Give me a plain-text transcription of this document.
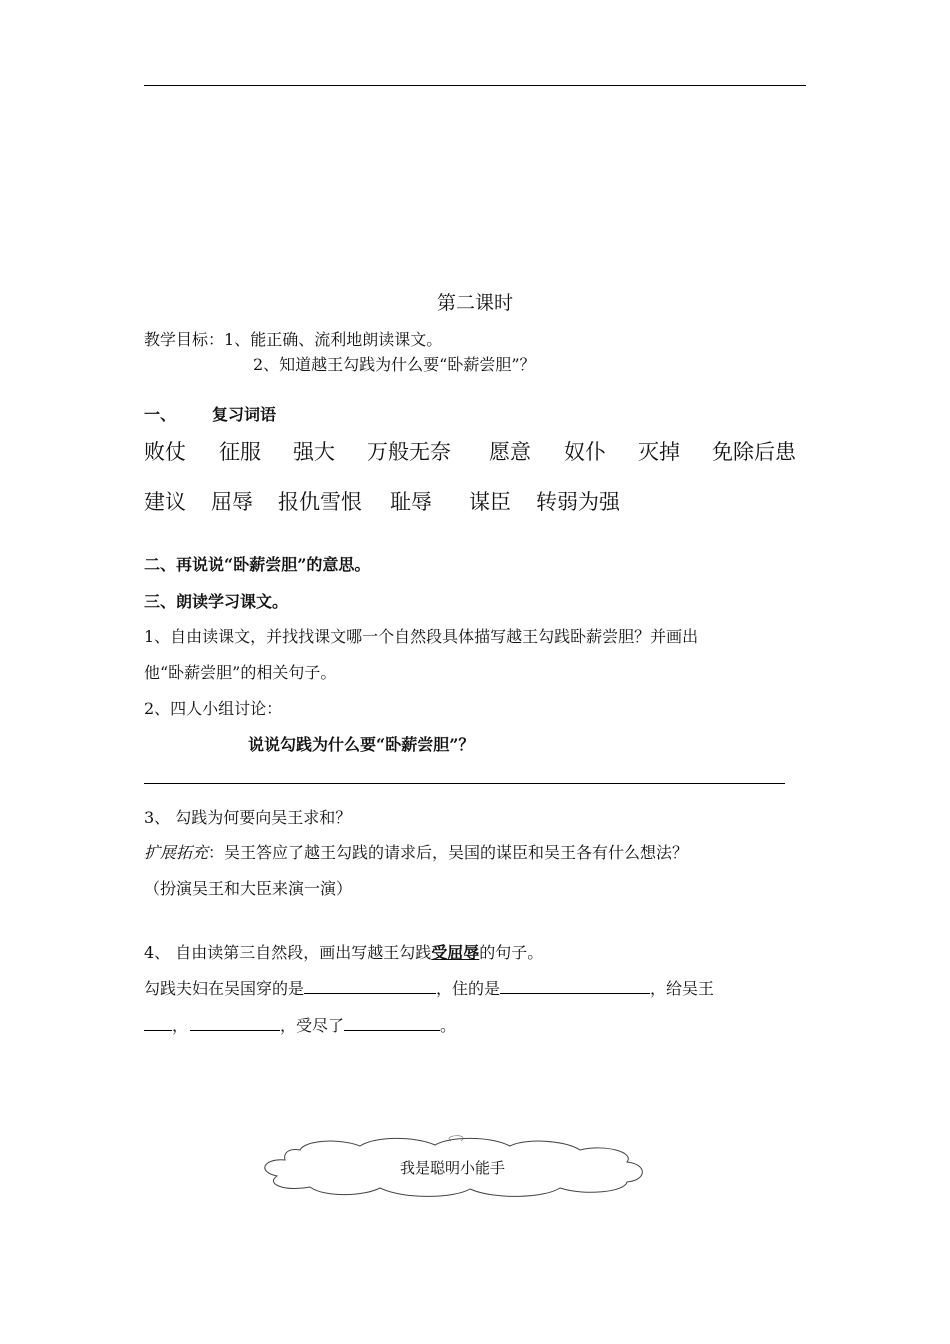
第二课时
教学目标：1、能正确、流利地朗读课文。
2、知道越王勾践为什么要“卧薪尝胆”？
一、 复习词语
败仗 征服 强大 万般无奈 愿意 奴仆 灭掉 免除后患
建议 屈辱 报仇雪恨 耻辱 谋臣 转弱为强
二、再说说“卧薪尝胆”的意思。
三、朗读学习课文。
1、自由读课文，并找找课文哪一个自然段具体描写越王勾践卧薪尝胆？并画出
他“卧薪尝胆”的相关句子。
2、四人小组讨论：
说说勾践为什么要“卧薪尝胆”？
3、 勾践为何要向吴王求和？
扩展拓充：吴王答应了越王勾践的请求后，吴国的谋臣和吴王各有什么想法？
（扮演吴王和大臣来演一演）
4、 自由读第三自然段，画出写越王勾践受屈辱的句子。
勾践夫妇在吴国穿的是	，住的是	，给吴王
，	，受尽了	。
我是聪明小能手
